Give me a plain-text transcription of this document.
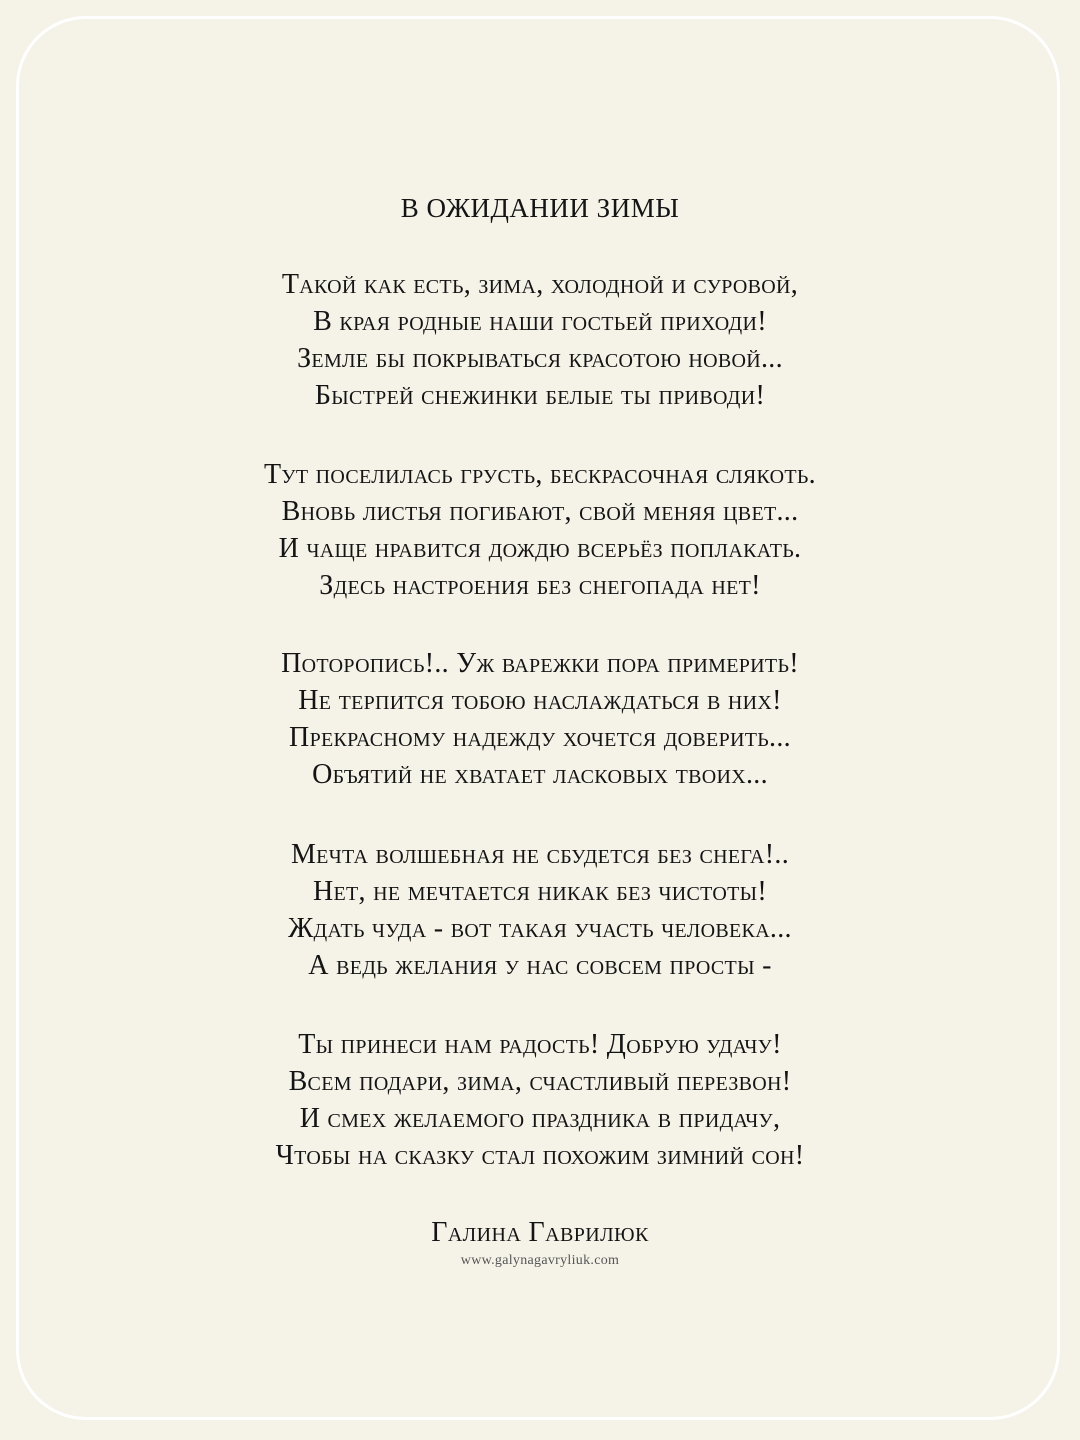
В ОЖИДАНИИ ЗИМЫ
Такой как есть, зима, холодной и суровой,
В края родные наши гостьей приходи!
Земле бы покрываться красотою новой...
Быстрей снежинки белые ты приводи!
Тут поселилась грусть, бескрасочная слякоть.
Вновь листья погибают, свой меняя цвет...
И чаще нравится дождю всерьёз поплакать.
Здесь настроения без снегопада нет!
Поторопись!.. Уж варежки пора примерить!
Не терпится тобою наслаждаться в них!
Прекрасному надежду хочется доверить...
Объятий не хватает ласковых твоих...
Мечта волшебная не сбудется без снега!..
Нет, не мечтается никак без чистоты!
Ждать чуда - вот такая участь человека...
А ведь желания у нас совсем просты -
Ты принеси нам радость! Добрую удачу!
Всем подари, зима, счастливый перезвон!
И смех желаемого праздника в придачу,
Чтобы на сказку стал похожим зимний сон!
Галина Гаврилюк
www.galynagavryliuk.com
